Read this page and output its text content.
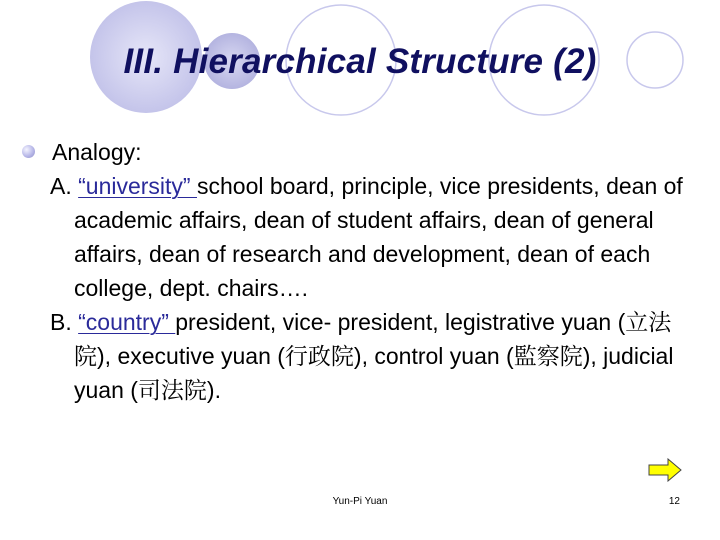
III. Hierarchical Structure (2)
Analogy:
A. “university” school board, principle, vice presidents, dean of academic affairs, dean of student affairs, dean of general affairs, dean of research and development, dean of each college, dept. chairs….
B. “country” president, vice- president, legistrative yuan (立法院), executive yuan (行政院), control yuan (監察院), judicial yuan (司法院).
Yun-Pi Yuan	12
